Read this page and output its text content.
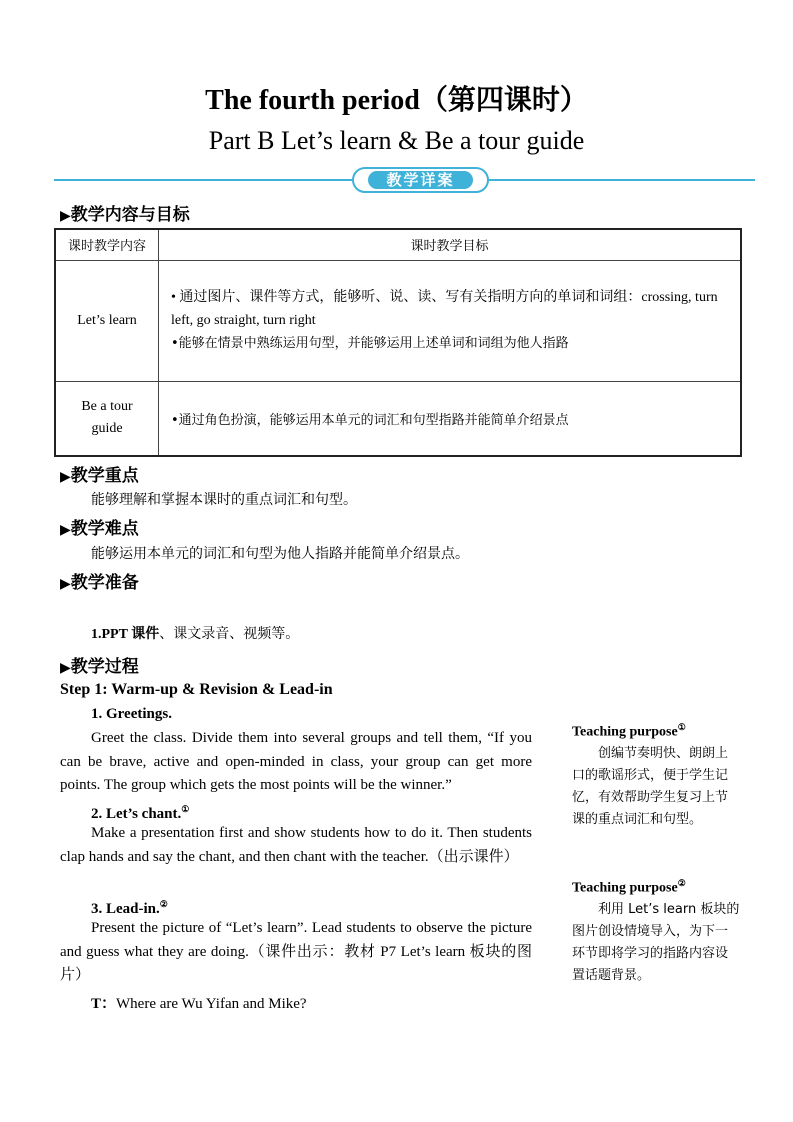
The fourth period（第四课时）
Part B Let’s learn & Be a tour guide
教学详案
▶教学内容与目标
课时教学内容	课时教学目标
Let’s learn	• 通过图片、课件等方式，能够听、说、读、写有关指明方向的单词和词组：crossing, turn left, go straight, turn right
•能够在情景中熟练运用句型，并能够运用上述单词和词组为他人指路

Be a tour guide	•通过角色扮演，能够运用本单元的词汇和句型指路并能简单介绍景点
▶教学重点
能够理解和掌握本课时的重点词汇和句型。
▶教学难点
能够运用本单元的词汇和句型为他人指路并能简单介绍景点。
▶教学准备
1.PPT 课件、课文录音、视频等。
▶教学过程
Step 1: Warm-up & Revision & Lead-in
1. Greetings.
Greet the class. Divide them into several groups and tell them, “If you can be brave, active and open-minded in class, your group can get more points. The group which gets the most points will be the winner.”
2. Let’s chant.①
Make a presentation first and show students how to do it. Then students clap hands and say the chant, and then chant with the teacher.（出示课件）
3. Lead-in.②
Present the picture of “Let’s learn”. Lead students to observe the picture and guess what they are doing.（课件出示：教材 P7 Let’s learn 板块的图片）
T：Where are Wu Yifan and Mike?
Teaching purpose①
创编节奏明快、朗朗上口的歌谣形式，便于学生记忆，有效帮助学生复习上节课的重点词汇和句型。
Teaching purpose②
利用 Let’s learn 板块的图片创设情境导入，为下一环节即将学习的指路内容设置话题背景。
